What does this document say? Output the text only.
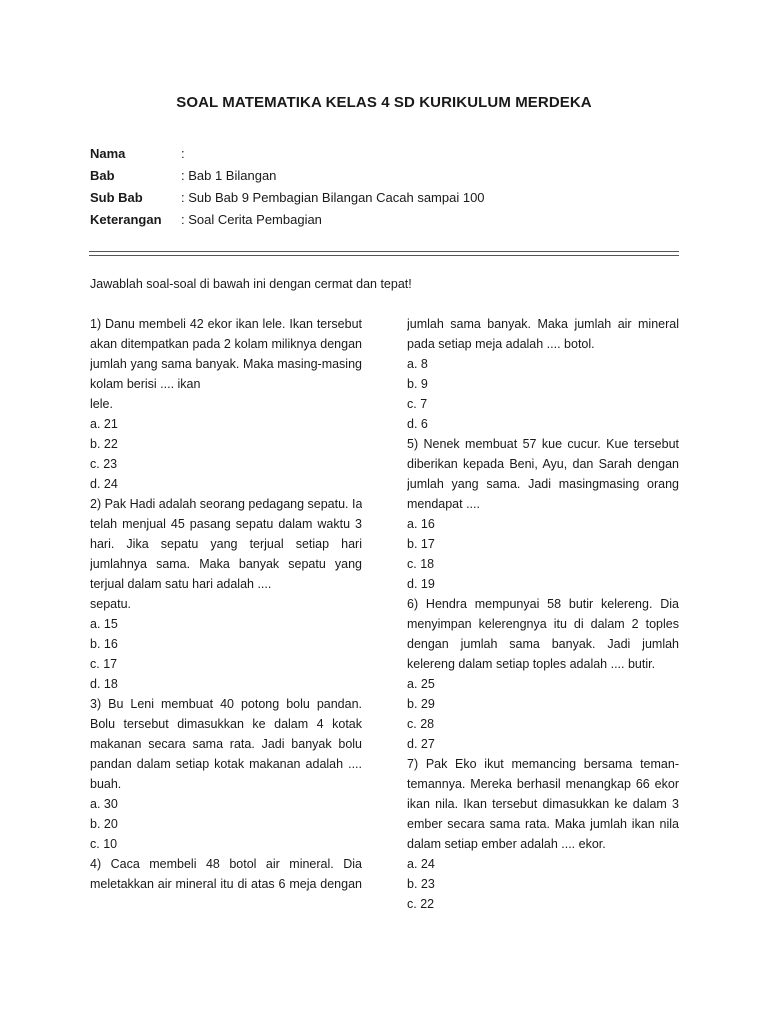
SOAL MATEMATIKA KELAS 4 SD KURIKULUM MERDEKA
Nama	:
Bab	: Bab 1 Bilangan
Sub Bab	: Sub Bab 9 Pembagian Bilangan Cacah sampai 100
Keterangan	: Soal Cerita Pembagian
Jawablah soal-soal di bawah ini dengan cermat dan tepat!
1) Danu membeli 42 ekor ikan lele. Ikan tersebut
akan ditempatkan pada 2 kolam miliknya dengan
jumlah yang sama banyak. Maka masing-masing
kolam berisi .... ikan
lele.
a. 21
b. 22
c. 23
d. 24
2) Pak Hadi adalah seorang pedagang sepatu. Ia
telah menjual 45 pasang sepatu dalam waktu 3
hari. Jika sepatu yang terjual setiap hari
jumlahnya sama. Maka banyak sepatu yang
terjual dalam satu hari adalah ....
sepatu.
a. 15
b. 16
c. 17
d. 18
3) Bu Leni membuat 40 potong bolu pandan.
Bolu tersebut dimasukkan ke dalam 4 kotak
makanan secara sama rata. Jadi banyak bolu
pandan dalam setiap kotak makanan adalah ....
buah.
a. 30
b. 20
c. 10
4) Caca membeli 48 botol air mineral. Dia
meletakkan air mineral itu di atas 6 meja dengan
jumlah sama banyak. Maka jumlah air mineral
pada setiap meja adalah .... botol.
a. 8
b. 9
c. 7
d. 6
5) Nenek membuat 57 kue cucur. Kue tersebut
diberikan kepada Beni, Ayu, dan Sarah dengan
jumlah yang sama. Jadi masingmasing orang
mendapat ....
a. 16
b. 17
c. 18
d. 19
6) Hendra mempunyai 58 butir kelereng. Dia
menyimpan kelerengnya itu di dalam 2 toples
dengan jumlah sama banyak. Jadi jumlah
kelereng dalam setiap toples adalah .... butir.
a. 25
b. 29
c. 28
d. 27
7) Pak Eko ikut memancing bersama teman-
temannya. Mereka berhasil menangkap 66 ekor
ikan nila. Ikan tersebut dimasukkan ke dalam 3
ember secara sama rata. Maka jumlah ikan nila
dalam setiap ember adalah .... ekor.
a. 24
b. 23
c. 22
